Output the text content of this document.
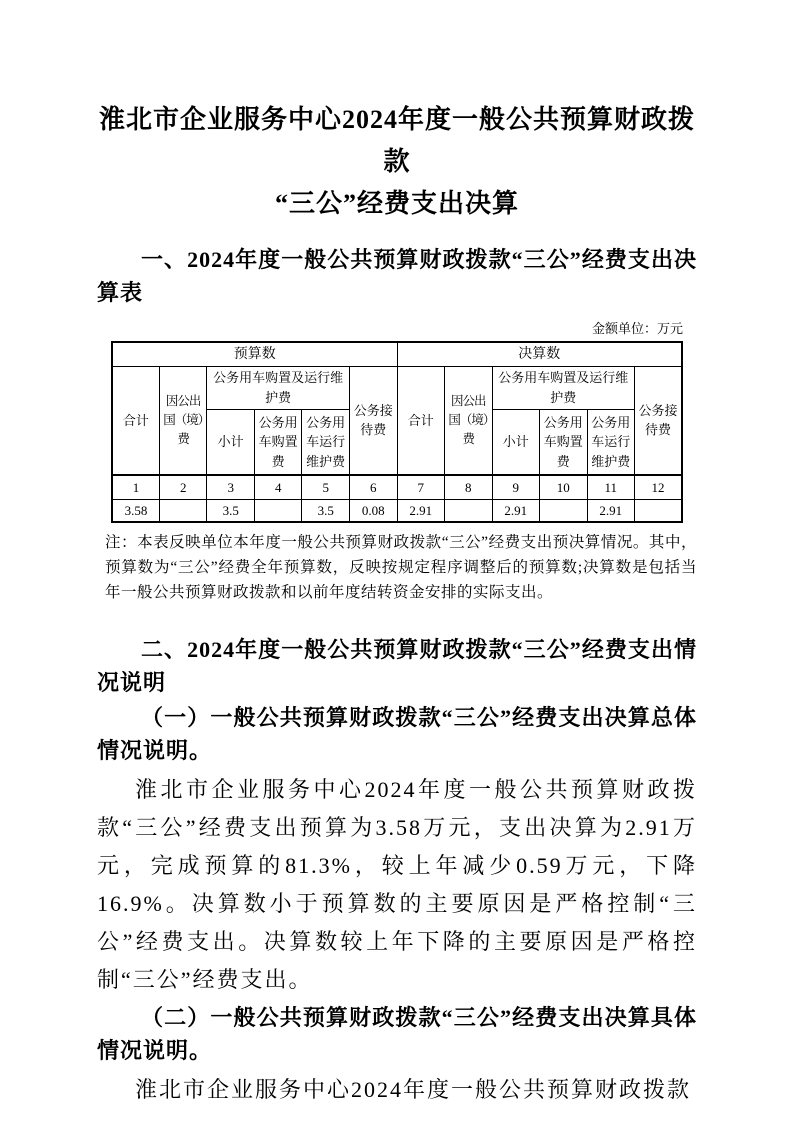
淮北市企业服务中心2024年度一般公共预算财政拨款
“三公”经费支出决算
一、2024年度一般公共预算财政拨款“三公”经费支出决算表
金额单位：万元
预算数						决算数					
合计	因公出国（境）费	公务用车购置及运行维护费			公务接待费	合计	因公出国（境）费	公务用车购置及运行维护费			公务接待费
		小计	公务用车购置费	公务用车运行维护费				小计	公务用车购置费	公务用车运行维护费	
1	2	3	4	5	6	7	8	9	10	11	12
3.58		3.5		3.5	0.08	2.91		2.91		2.91	
注：本表反映单位本年度一般公共预算财政拨款“三公”经费支出预决算情况。其中，预算数为“三公”经费全年预算数，反映按规定程序调整后的预算数;决算数是包括当年一般公共预算财政拨款和以前年度结转资金安排的实际支出。
二、2024年度一般公共预算财政拨款“三公”经费支出情况说明
（一）一般公共预算财政拨款“三公”经费支出决算总体情况说明。

淮北市企业服务中心2024年度一般公共预算财政拨款“三公”经费支出预算为3.58万元，支出决算为2.91万元，完成预算的81.3%，较上年减少0.59万元，下降16.9%。决算数小于预算数的主要原因是严格控制“三公”经费支出。决算数较上年下降的主要原因是严格控制“三公”经费支出。

（二）一般公共预算财政拨款“三公”经费支出决算具体情况说明。

淮北市企业服务中心2024年度一般公共预算财政拨款
